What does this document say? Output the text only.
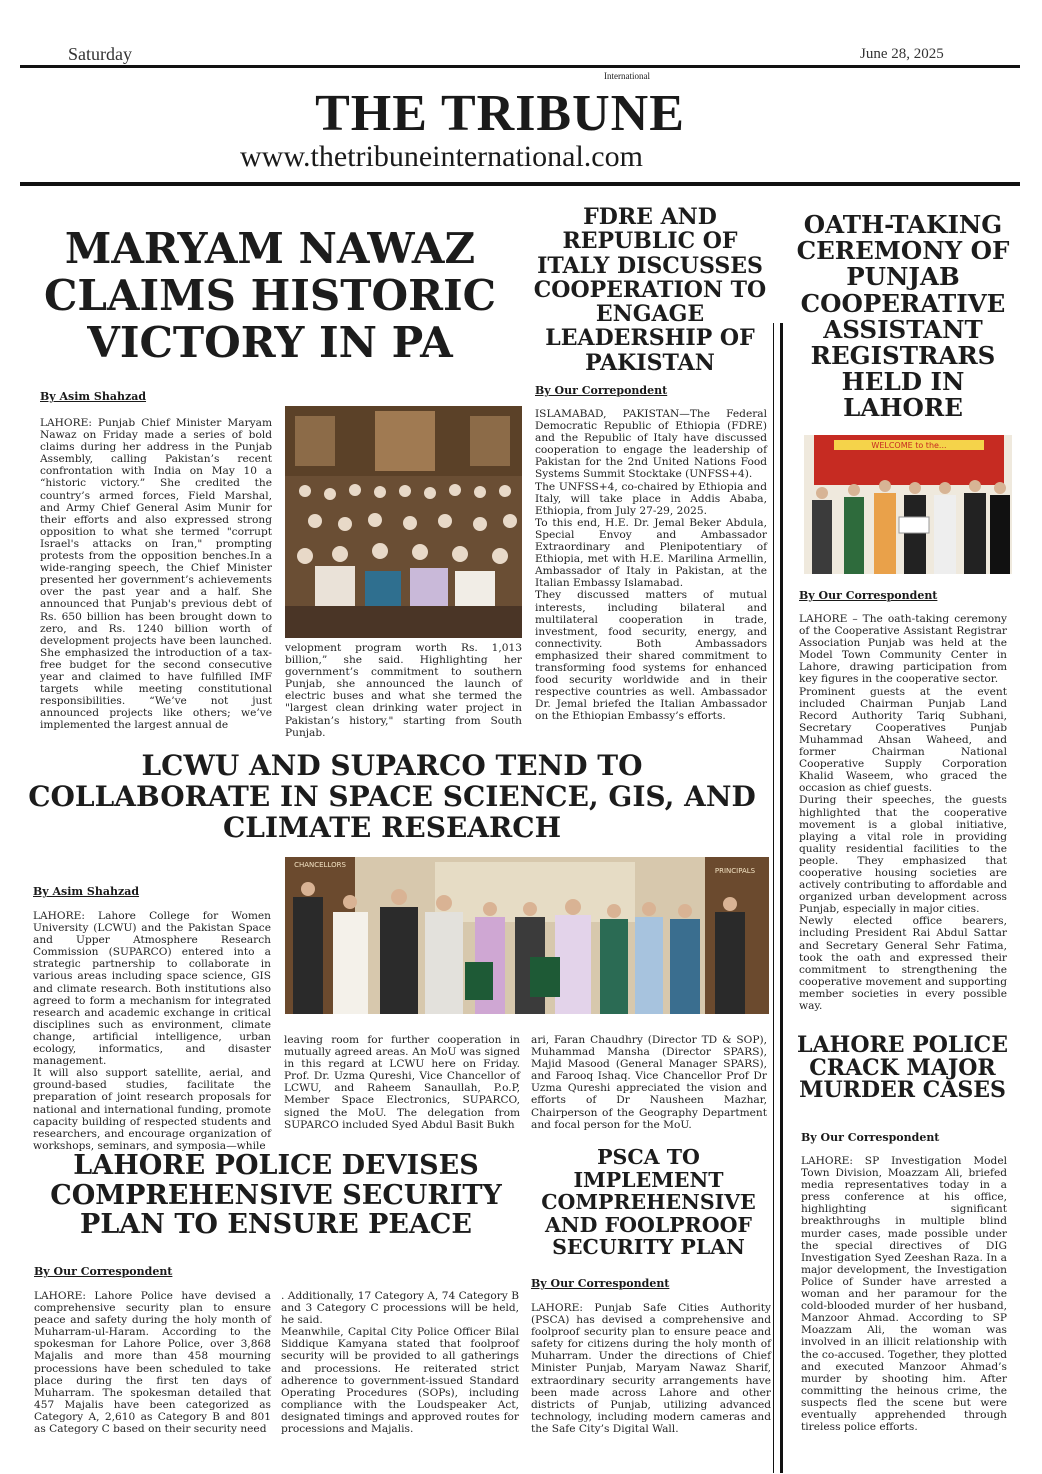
Saturday	June 28, 2025
International
THE TRIBUNE
www.thetribuneinternational.com
MARYAM NAWAZ CLAIMS HISTORIC VICTORY IN PA
By Asim Shahzad
LAHORE: Punjab Chief Minister Maryam Nawaz on Friday made a series of bold claims during her address in the Punjab Assembly, calling Pakistan’s recent confrontation with India on May 10 a “historic victory.” She credited the country’s armed forces, Field Marshal, and Army Chief General Asim Munir for their efforts and also expressed strong opposition to what she termed "corrupt Israel's attacks on Iran," prompting protests from the opposition benches.In a wide-ranging speech, the Chief Minister presented her government’s achievements over the past year and a half. She announced that Punjab's previous debt of Rs. 650 billion has been brought down to zero, and Rs. 1240 billion worth of development projects have been launched. She emphasized the introduction of a tax-free budget for the second consecutive year and claimed to have fulfilled IMF targets while meeting constitutional responsibilities. “We’ve not just announced projects like others; we’ve implemented the largest annual de
velopment program worth Rs. 1,013 billion,” she said. Highlighting her government’s commitment to southern Punjab, she announced the launch of electric buses and what she termed the "largest clean drinking water project in Pakistan’s history," starting from South Punjab.
FDRE AND REPUBLIC OF ITALY DISCUSSES COOPERATION TO ENGAGE LEADERSHIP OF PAKISTAN
By Our Correpondent
ISLAMABAD, PAKISTAN—The Federal Democratic Republic of Ethiopia (FDRE) and the Republic of Italy have discussed cooperation to engage the leadership of Pakistan for the 2nd United Nations Food Systems Summit Stocktake (UNFSS+4).
The UNFSS+4, co-chaired by Ethiopia and Italy, will take place in Addis Ababa, Ethiopia, from July 27-29, 2025.
To this end, H.E. Dr. Jemal Beker Abdula, Special Envoy and Ambassador Extraordinary and Plenipotentiary of Ethiopia, met with H.E. Marilina Armellin, Ambassador of Italy in Pakistan, at the Italian Embassy Islamabad.
They discussed matters of mutual interests, including bilateral and multilateral cooperation in trade, investment, food security, energy, and connectivity. Both Ambassadors emphasized their shared commitment to transforming food systems for enhanced food security worldwide and in their respective countries as well. Ambassador Dr. Jemal briefed the Italian Ambassador on the Ethiopian Embassy’s efforts.
OATH-TAKING CEREMONY OF PUNJAB COOPERATIVE ASSISTANT REGISTRARS HELD IN LAHORE
WELCOME to the...
By Our Correspondent
LAHORE – The oath-taking ceremony of the Cooperative Assistant Registrar Association Punjab was held at the Model Town Community Center in Lahore, drawing participation from key figures in the cooperative sector.
Prominent guests at the event included Chairman Punjab Land Record Authority Tariq Subhani, Secretary Cooperatives Punjab Muhammad Ahsan Waheed, and former Chairman National Cooperative Supply Corporation Khalid Waseem, who graced the occasion as chief guests.
During their speeches, the guests highlighted that the cooperative movement is a global initiative, playing a vital role in providing quality residential facilities to the people. They emphasized that cooperative housing societies are actively contributing to affordable and organized urban development across Punjab, especially in major cities.
Newly elected office bearers, including President Rai Abdul Sattar and Secretary General Sehr Fatima, took the oath and expressed their commitment to strengthening the cooperative movement and supporting member societies in every possible way.
LCWU AND SUPARCO TEND TO COLLABORATE IN SPACE SCIENCE, GIS, AND CLIMATE RESEARCH
By Asim Shahzad
LAHORE: Lahore College for Women University (LCWU) and the Pakistan Space and Upper Atmosphere Research Commission (SUPARCO) entered into a strategic partnership to collaborate in various areas including space science, GIS and climate research. Both institutions also agreed to form a mechanism for integrated research and academic exchange in critical disciplines such as environment, climate change, artificial intelligence, urban ecology, informatics, and disaster management.
It will also support satellite, aerial, and ground-based studies, facilitate the preparation of joint research proposals for national and international funding, promote capacity building of respected students and researchers, and encourage organization of workshops, seminars, and symposia—while
CHANCELLORS
PRINCIPALS
leaving room for further cooperation in mutually agreed areas. An MoU was signed in this regard at LCWU here on Friday. Prof. Dr. Uzma Qureshi, Vice Chancellor of LCWU, and Raheem Sanaullah, P.o.P, Member Space Electronics, SUPARCO, signed the MoU. The delegation from SUPARCO included Syed Abdul Basit Bukh
ari, Faran Chaudhry (Director TD & SOP), Muhammad Mansha (Director SPARS), Majid Masood (General Manager SPARS), and Farooq Ishaq. Vice Chancellor Prof Dr Uzma Qureshi appreciated the vision and efforts of Dr Nausheen Mazhar, Chairperson of the Geography Department and focal person for the MoU.
LAHORE POLICE DEVISES COMPREHENSIVE SECURITY PLAN TO ENSURE PEACE
By Our Correspondent
LAHORE: Lahore Police have devised a comprehensive security plan to ensure peace and safety during the holy month of Muharram-ul-Haram. According to the spokesman for Lahore Police, over 3,868 Majalis and more than 458 mourning processions have been scheduled to take place during the first ten days of Muharram. The spokesman detailed that 457 Majalis have been categorized as Category A, 2,610 as Category B and 801 as Category C based on their security need
. Additionally, 17 Category A, 74 Category B and 3 Category C processions will be held, he said.
Meanwhile, Capital City Police Officer Bilal Siddique Kamyana stated that foolproof security will be provided to all gatherings and processions. He reiterated strict adherence to government-issued Standard Operating Procedures (SOPs), including compliance with the Loudspeaker Act, designated timings and approved routes for processions and Majalis.
PSCA TO IMPLEMENT COMPREHENSIVE AND FOOLPROOF SECURITY PLAN
By Our Correspondent
LAHORE: Punjab Safe Cities Authority (PSCA) has devised a comprehensive and foolproof security plan to ensure peace and safety for citizens during the holy month of Muharram. Under the directions of Chief Minister Punjab, Maryam Nawaz Sharif, extraordinary security arrangements have been made across Lahore and other districts of Punjab, utilizing advanced technology, including modern cameras and the Safe City’s Digital Wall.
LAHORE POLICE CRACK MAJOR MURDER CASES
By Our Correspondent
LAHORE: SP Investigation Model Town Division, Moazzam Ali, briefed media representatives today in a press conference at his office, highlighting significant breakthroughs in multiple blind murder cases, made possible under the special directives of DIG Investigation Syed Zeeshan Raza. In a major development, the Investigation Police of Sunder have arrested a woman and her paramour for the cold-blooded murder of her husband, Manzoor Ahmad. According to SP Moazzam Ali, the woman was involved in an illicit relationship with the co-accused. Together, they plotted and executed Manzoor Ahmad’s murder by shooting him. After committing the heinous crime, the suspects fled the scene but were eventually apprehended through tireless police efforts.
